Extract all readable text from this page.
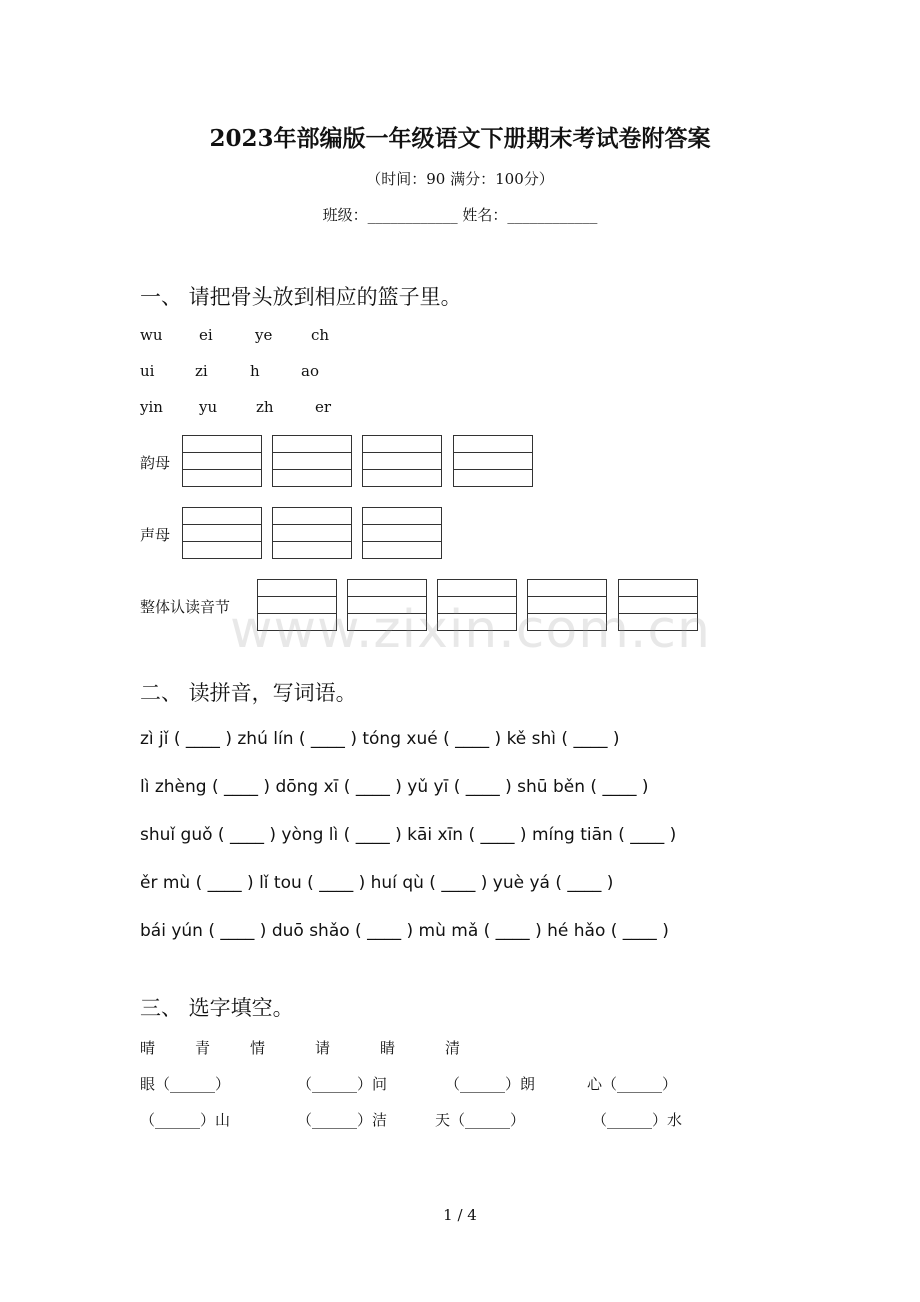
2023年部编版一年级语文下册期末考试卷附答案
（时间：90 满分：100分）
班级：____________ 姓名：____________
一、 请把骨头放到相应的篮子里。
wu ei	ye	ch
ui	zi	h	ao
yin yu	zh	er
韵母
声母
整体认读音节 www.zixin.com.cn
二、 读拼音，写词语。
zì jǐ ( ____ ) zhú lín ( ____ ) tóng xué ( ____ ) kě shì ( ____ )
lì zhèng ( ____ ) dōng xī ( ____ ) yǔ yī ( ____ ) shū běn ( ____ )
shuǐ guǒ ( ____ ) yòng lì ( ____ ) kāi xīn ( ____ ) míng tiān ( ____ )
ěr mù ( ____ ) lǐ tou ( ____ ) huí qù ( ____ ) yuè yá ( ____ )
bái yún ( ____ ) duō shǎo ( ____ ) mù mǎ ( ____ ) hé hǎo ( ____ )
三、 选字填空。
晴	青	情	请	睛	清
眼（______）	（______）问	（______）朗	心（______）
（______）山	（______）洁	天（______）	（______）水
1 / 4
